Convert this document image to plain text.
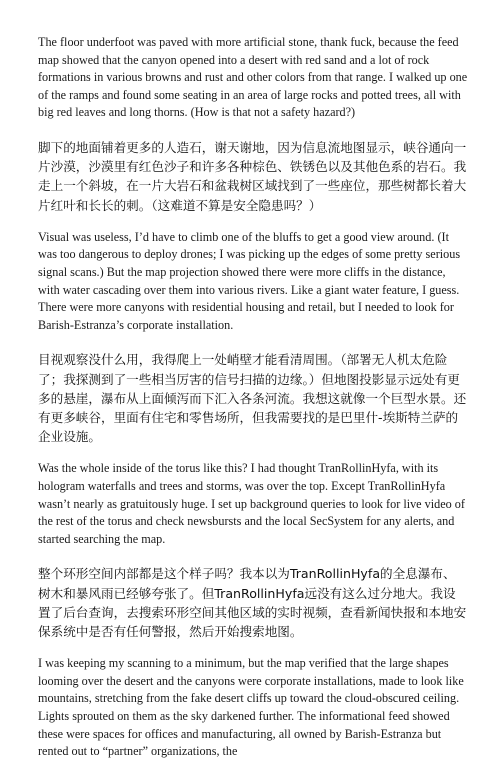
The floor underfoot was paved with more artificial stone, thank fuck, because the feed map showed that the canyon opened into a desert with red sand and a lot of rock formations in various browns and rust and other colors from that range. I walked up one of the ramps and found some seating in an area of large rocks and potted trees, all with big red leaves and long thorns. (How is that not a safety hazard?)

脚下的地面铺着更多的人造石，谢天谢地，因为信息流地图显示，峡谷通向一片沙漠，沙漠里有红色沙子和许多各种棕色、铁锈色以及其他色系的岩石。我走上一个斜坡，在一片大岩石和盆栽树区域找到了一些座位，那些树都长着大片红叶和长长的刺。（这难道不算是安全隐患吗？）

Visual was useless, I’d have to climb one of the bluffs to get a good view around. (It was too dangerous to deploy drones; I was picking up the edges of some pretty serious signal scans.) But the map projection showed there were more cliffs in the distance, with water cascading over them into various rivers. Like a giant water feature, I guess. There were more canyons with residential housing and retail, but I needed to look for Barish-Estranza’s corporate installation.

目视观察没什么用，我得爬上一处峭壁才能看清周围。（部署无人机太危险了；我探测到了一些相当厉害的信号扫描的边缘。）但地图投影显示远处有更多的悬崖，瀑布从上面倾泻而下汇入各条河流。我想这就像一个巨型水景。还有更多峡谷，里面有住宅和零售场所，但我需要找的是巴里什-埃斯特兰萨的企业设施。

Was the whole inside of the torus like this? I had thought TranRollinHyfa, with its hologram waterfalls and trees and storms, was over the top. Except TranRollinHyfa wasn’t nearly as gratuitously huge. I set up background queries to look for live video of the rest of the torus and check newsbursts and the local SecSystem for any alerts, and started searching the map.

整个环形空间内部都是这个样子吗？我本以为TranRollinHyfa的全息瀑布、树木和暴风雨已经够夸张了。但TranRollinHyfa远没有这么过分地大。我设置了后台查询，去搜索环形空间其他区域的实时视频，查看新闻快报和本地安保系统中是否有任何警报，然后开始搜索地图。

I was keeping my scanning to a minimum, but the map verified that the large shapes looming over the desert and the canyons were corporate installations, made to look like mountains, stretching from the fake desert cliffs up toward the cloud-obscured ceiling. Lights sprouted on them as the sky darkened further. The informational feed showed these were spaces for offices and manufacturing, all owned by Barish-Estranza but rented out to “partner” organizations, the
